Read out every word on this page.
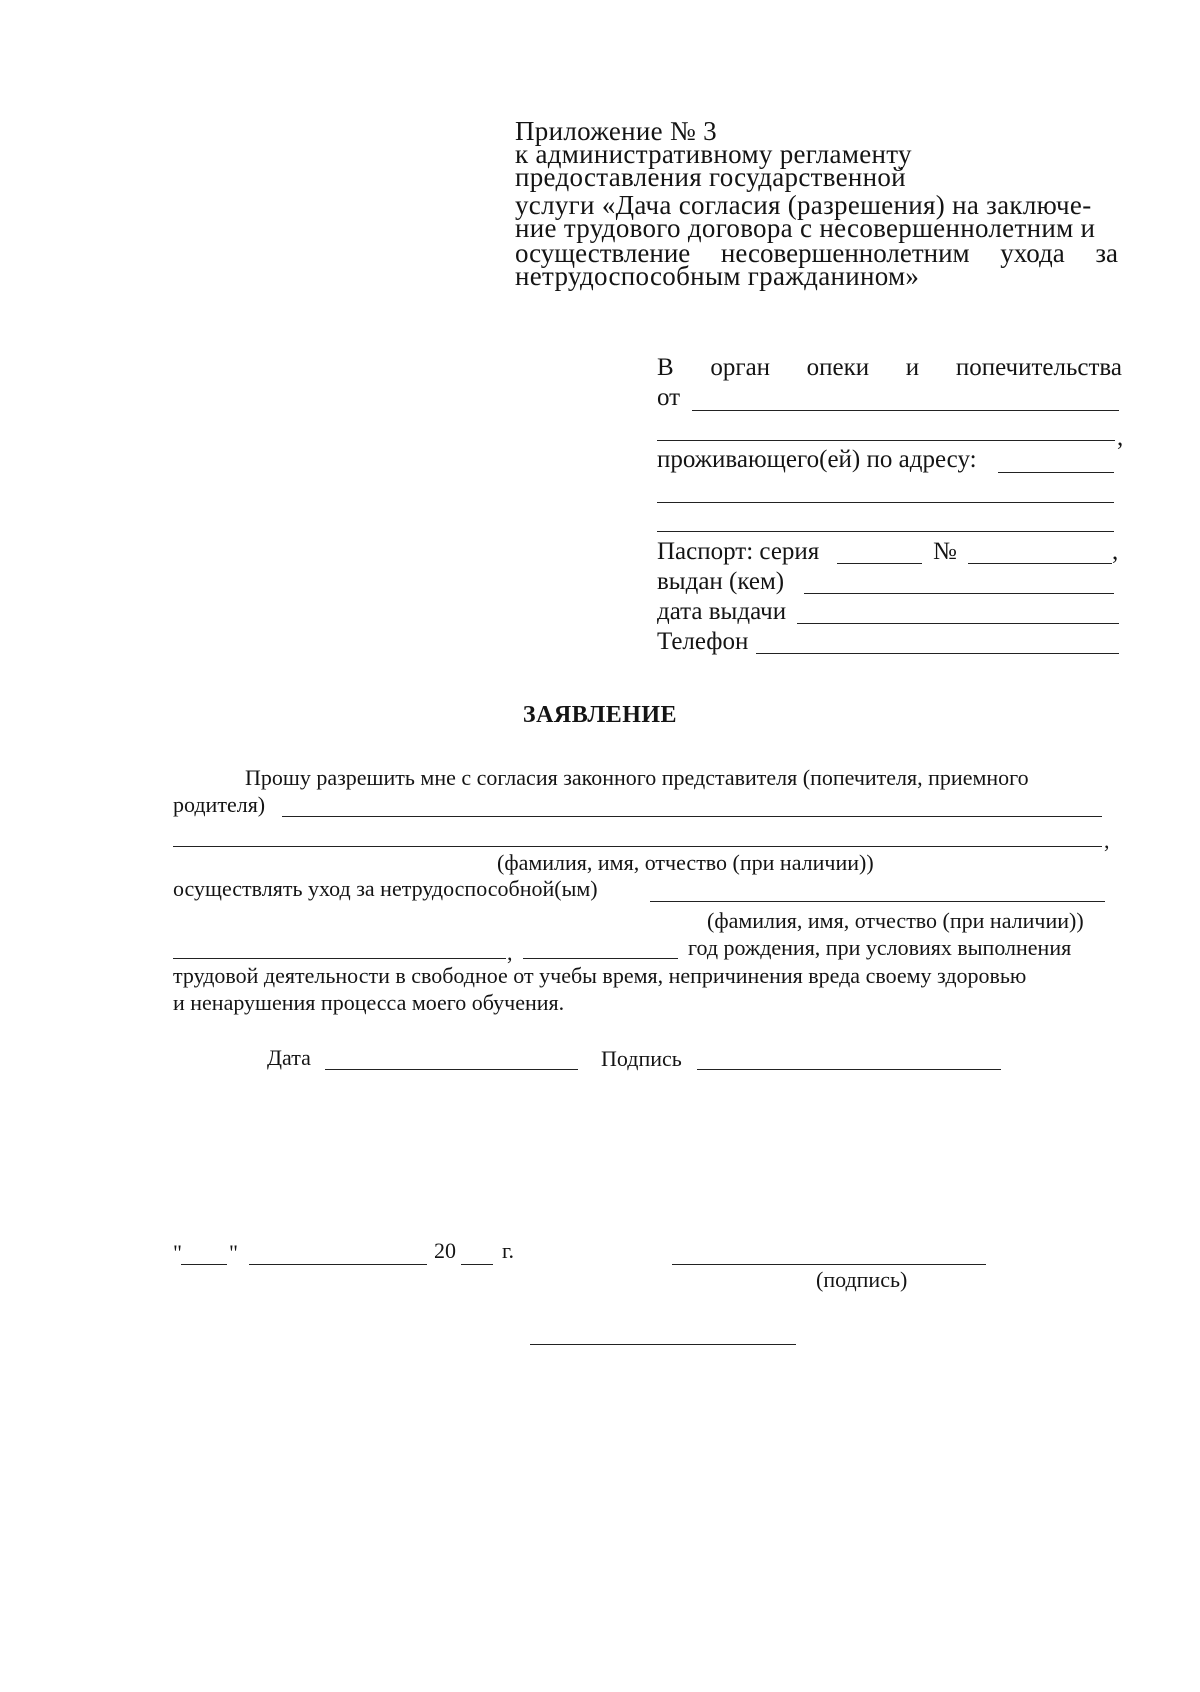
Приложение № 3
к административному регламенту
предоставления государственной
услуги «Дача согласия (разрешения) на заключе-
ние трудового договора с несовершеннолетним и
осуществление несовершеннолетним ухода за
нетрудоспособным гражданином»
В орган опеки и попечительства
от
,
проживающего(ей) по адресу:
Паспорт: серия	№	,
выдан (кем)
дата выдачи
Телефон
ЗАЯВЛЕНИЕ
Прошу разрешить мне с согласия законного представителя (попечителя, приемного
родителя)
,
(фамилия, имя, отчество (при наличии))
осуществлять уход за нетрудоспособной(ым)
(фамилия, имя, отчество (при наличии))
,	год рождения, при условиях выполнения
трудовой деятельности в свободное от учебы время, непричинения вреда своему здоровью
и ненарушения процесса моего обучения.
Дата	Подпись
" "	20 г.
(подпись)
